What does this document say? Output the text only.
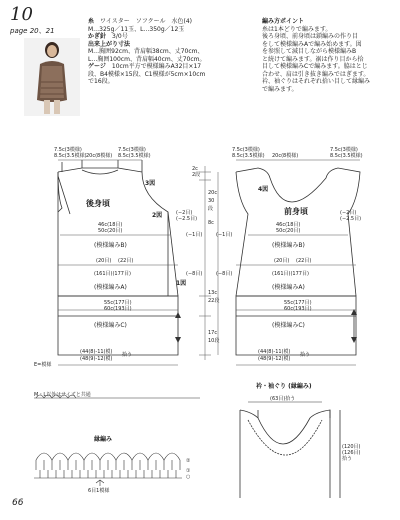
10
page 20、21
糸　 ワイスター　ソフクール　水色(4)
M…325g／11玉、L…350g／12玉
かぎ針　 3/0号
出来上がり寸法
M…胸囲92cm、背肩幅38cm、丈70cm、
L…胸囲100cm、背肩幅40cm、丈70cm。
ゲージ　 10cm平方で模様編みA32目×17
段、B4模様×15段、C1模様が5cm×10cm
で16段。
編み方ポイント
糸は1本どりで編みます。
後ろ身頃、前身頃は鎖編みの作り目
をして模様編みAで編み始めます。図
を参照して減目しながら模様編みB
と続けて編みます。裾は作り目から拾
目して模様編みCで編みます。脇はとじ
合わせ、肩は引き抜き編みではぎます。
衿、袖ぐりはそれぞれ拾い目して縁編み
で編みます。
②
①
○
7.5c(3模様)
8.5c(3.5模様) 20c(8模様)
7.5c(3模様)
8.5c(3.5模様)
3図
後身頃
2図	(−2目)
(−2.5目)
46c(18目)
50c(20目)
(模様編みB)
(20目) (22目)
(161目)(177目)
(模様編みA)
1図
55c(177目)
60c(193目)
(模様編みC)
(44(8)-11(模)
(48(9)-12(模)
拾う
E=模様
2c
2段
20c
30
段
8c
(−1目)	(−1目)
(−8目)	(−8目)
13c
22段
17c
10段
7.5c(3模様)
8.5c(3.5模様) 20c(8模様)
7.5c(3模様)
8.5c(3.5模様)
4図
前身頃	(−2目)
(−2.5目)
46c(18目)
50c(20目)
(模様編みB)
(20目) (22目)
(161目)(177目)
(模様編みA)
55c(177目)
60c(193目)
(模様編みC)
(44(8)-11(模)
(48(9)-12(模)
拾う
衿・袖ぐり (縁編み)
(63目)拾う
(120目)
(126目)
拾う
M・L以外はサイズと共通
縁編み
6目1模様
66
